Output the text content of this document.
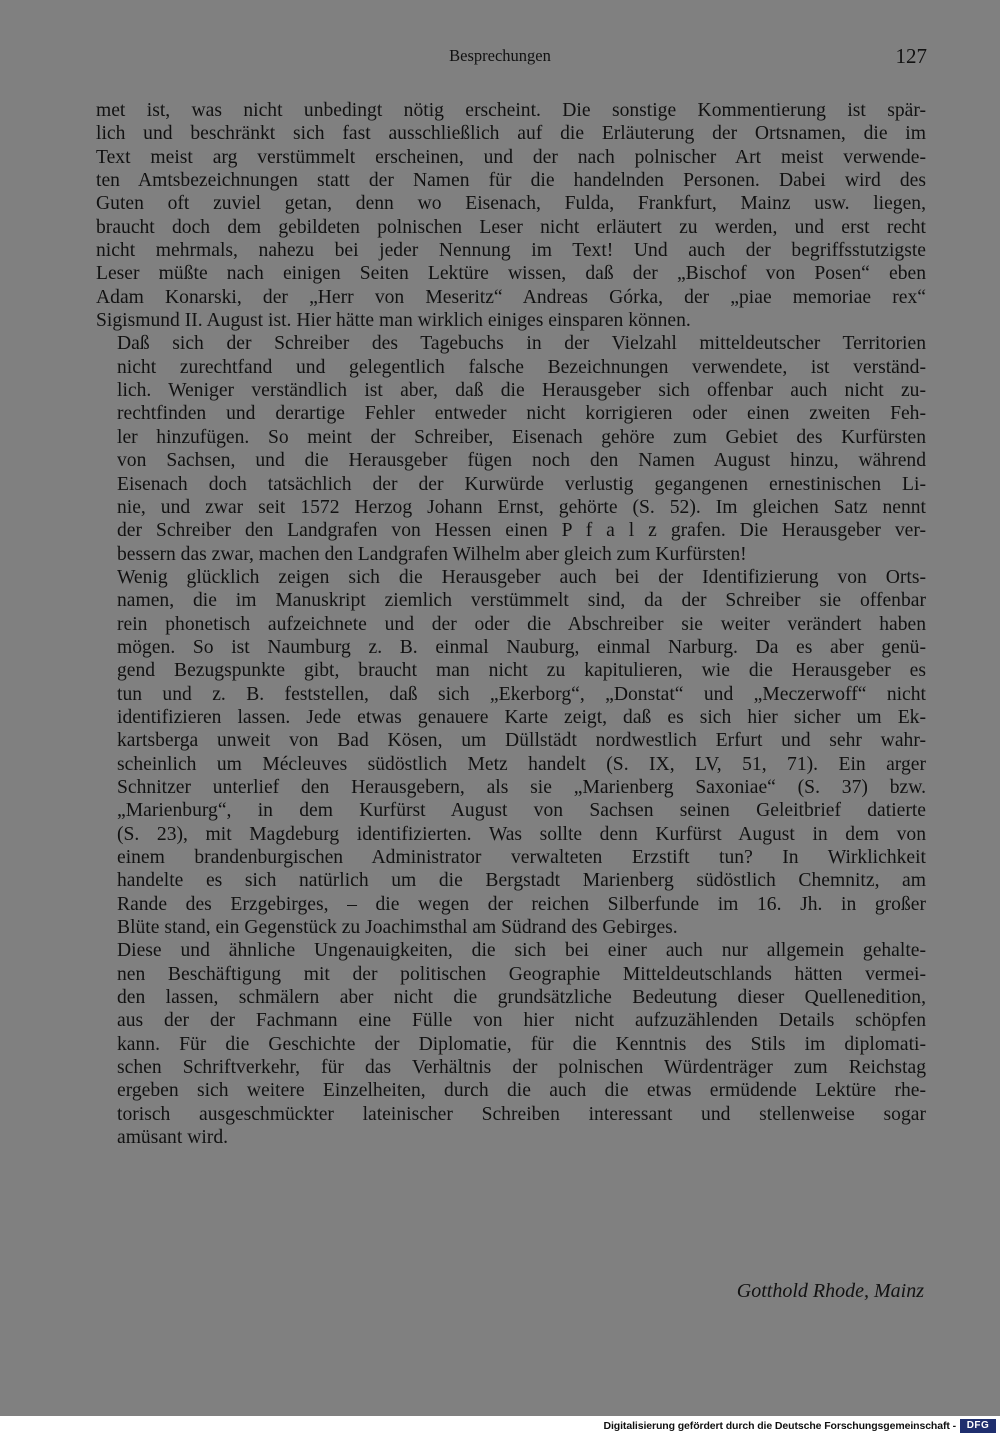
Besprechungen	127

met ist, was nicht unbedingt nötig erscheint. Die sonstige Kommentierung ist spär-
lich und beschränkt sich fast ausschließlich auf die Erläuterung der Ortsnamen, die im
Text meist arg verstümmelt erscheinen, und der nach polnischer Art meist verwende-
ten Amtsbezeichnungen statt der Namen für die handelnden Personen. Dabei wird des
Guten oft zuviel getan, denn wo Eisenach, Fulda, Frankfurt, Mainz usw. liegen,
braucht doch dem gebildeten polnischen Leser nicht erläutert zu werden, und erst recht
nicht mehrmals, nahezu bei jeder Nennung im Text! Und auch der begriffsstutzigste
Leser müßte nach einigen Seiten Lektüre wissen, daß der „Bischof von Posen“ eben
Adam Konarski, der „Herr von Meseritz“ Andreas Górka, der „piae memoriae rex“
Sigismund II. August ist. Hier hätte man wirklich einiges einsparen können.

Daß sich der Schreiber des Tagebuchs in der Vielzahl mitteldeutscher Territorien
nicht zurechtfand und gelegentlich falsche Bezeichnungen verwendete, ist verständ-
lich. Weniger verständlich ist aber, daß die Herausgeber sich offenbar auch nicht zu-
rechtfinden und derartige Fehler entweder nicht korrigieren oder einen zweiten Feh-
ler hinzufügen. So meint der Schreiber, Eisenach gehöre zum Gebiet des Kurfürsten
von Sachsen, und die Herausgeber fügen noch den Namen August hinzu, während
Eisenach doch tatsächlich der der Kurwürde verlustig gegangenen ernestinischen Li-
nie, und zwar seit 1572 Herzog Johann Ernst, gehörte (S. 52). Im gleichen Satz nennt
der Schreiber den Landgrafen von Hessen einen P f a l z grafen. Die Herausgeber ver-
bessern das zwar, machen den Landgrafen Wilhelm aber gleich zum Kurfürsten!

Wenig glücklich zeigen sich die Herausgeber auch bei der Identifizierung von Orts-
namen, die im Manuskript ziemlich verstümmelt sind, da der Schreiber sie offenbar
rein phonetisch aufzeichnete und der oder die Abschreiber sie weiter verändert haben
mögen. So ist Naumburg z. B. einmal Nauburg, einmal Narburg. Da es aber genü-
gend Bezugspunkte gibt, braucht man nicht zu kapitulieren, wie die Herausgeber es
tun und z. B. feststellen, daß sich „Ekerborg“, „Donstat“ und „Meczerwoff“ nicht
identifizieren lassen. Jede etwas genauere Karte zeigt, daß es sich hier sicher um Ek-
kartsberga unweit von Bad Kösen, um Düllstädt nordwestlich Erfurt und sehr wahr-
scheinlich um Mécleuves südöstlich Metz handelt (S. IX, LV, 51, 71). Ein arger
Schnitzer unterlief den Herausgebern, als sie „Marienberg Saxoniae“ (S. 37) bzw.
„Marienburg“, in dem Kurfürst August von Sachsen seinen Geleitbrief datierte
(S. 23), mit Magdeburg identifizierten. Was sollte denn Kurfürst August in dem von
einem brandenburgischen Administrator verwalteten Erzstift tun? In Wirklichkeit
handelte es sich natürlich um die Bergstadt Marienberg südöstlich Chemnitz, am
Rande des Erzgebirges, – die wegen der reichen Silberfunde im 16. Jh. in großer
Blüte stand, ein Gegenstück zu Joachimsthal am Südrand des Gebirges.

Diese und ähnliche Ungenauigkeiten, die sich bei einer auch nur allgemein gehalte-
nen Beschäftigung mit der politischen Geographie Mitteldeutschlands hätten vermei-
den lassen, schmälern aber nicht die grundsätzliche Bedeutung dieser Quellenedition,
aus der der Fachmann eine Fülle von hier nicht aufzuzählenden Details schöpfen
kann. Für die Geschichte der Diplomatie, für die Kenntnis des Stils im diplomati-
schen Schriftverkehr, für das Verhältnis der polnischen Würdenträger zum Reichstag
ergeben sich weitere Einzelheiten, durch die auch die etwas ermüdende Lektüre rhe-
torisch ausgeschmückter lateinischer Schreiben interessant und stellenweise sogar
amüsant wird.

Gotthold Rhode, Mainz
Digitalisierung gefördert durch die Deutsche Forschungsgemeinschaft -	DFG
